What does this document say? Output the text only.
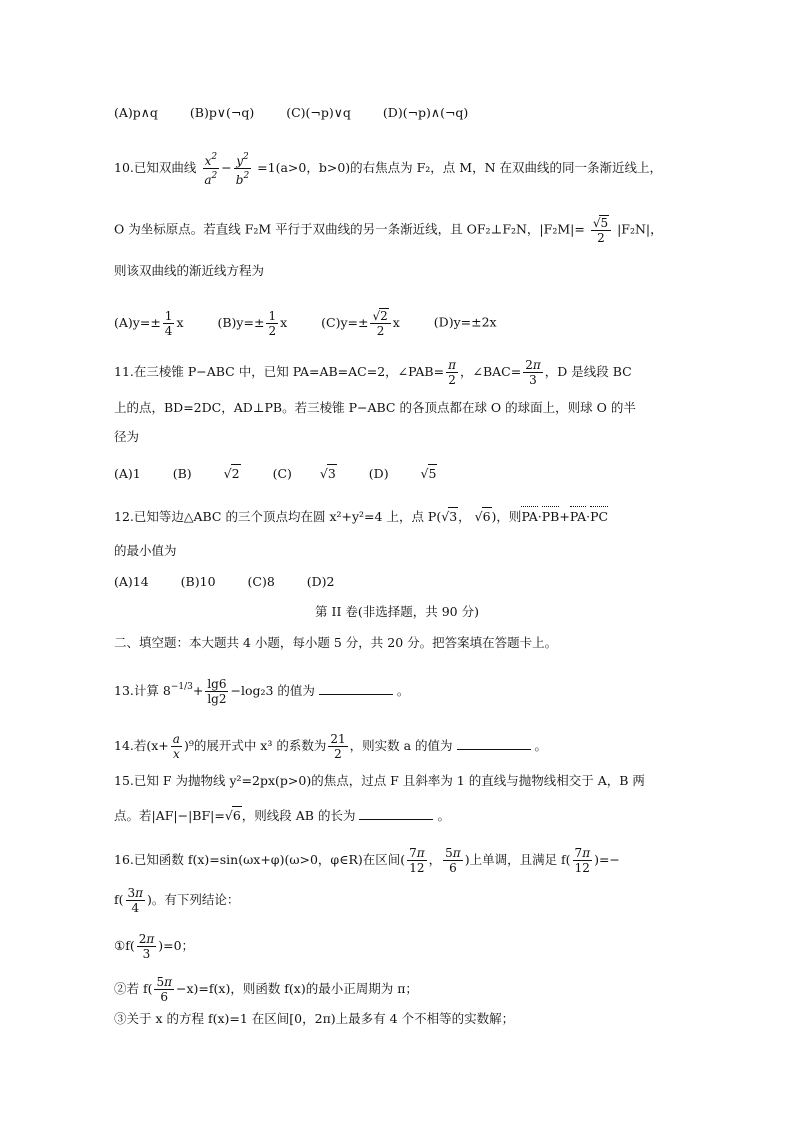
(A)p∧q	(B)p∨(¬q)	(C)(¬p)∨q	(D)(¬p)∧(¬q)
10.已知双曲线 $\frac{x^2}{a^2} - \frac{y^2}{b^2} =1(a>0$，b>0)的右焦点为 F₂，点 M，N 在双曲线的同一条渐近线上，
O 为坐标原点。若直线 F₂M 平行于双曲线的另一条渐近线，且 OF₂⊥F₂N，$|F_2M|= \frac{√5}{2} |F_2N|$，
则该双曲线的渐近线方程为
$(A)y=\pm \frac{1}{4}$ x	$(B)y=\pm \frac{1}{2}$ x	$(C)y=\pm \frac{√2}{2}$ x	(D)y=±2x
11.在三棱锥 P−ABC 中，已知 PA=AB=AC=2，∠PAB= $\frac{\pi}{2}$ ，∠BAC= $\frac{2\pi}{3}$ ，D 是线段 BC
上的点，BD=2DC，AD⊥PB。若三棱锥 P−ABC 的各顶点都在球 O 的球面上，则球 O 的半
径为
(A)1	(B) √2	(C) √3	(D) √5
12.已知等边△ABC 的三个顶点均在圆 x²+y²=4 上，点 P(√3， √6)，则PA·PB+PA·PC
的最小值为
(A)14	(B)10	(C)8	(D)2
第 II 卷(非选择题，共 90 分)
二、填空题：本大题共 4 小题，每小题 5 分，共 20 分。把答案填在答题卡上。
13.计算 $8^{-1/3}+ \frac{\lg 6}{\lg 2} -\log_23$ 的值为	。
14.若$(x+ \frac{a}{x} )^9$的展开式中 x³ 的系数为 $\frac{21}{2}$ ，则实数 a 的值为	。
15.已知 F 为抛物线 y²=2px(p>0)的焦点，过点 F 且斜率为 1 的直线与抛物线相交于 A，B 两
点。若|AF|−|BF|=√6，则线段 AB 的长为	。
16.已知函数 f(x)=sin(ωx+φ)(ω>0，φ∈R)在区间( $\frac{7\pi}{12}$ ， $\frac{5\pi}{6}$ )上单调，且满足 $f( \frac{7\pi}{12}$ )=−
$f( \frac{3\pi}{4}$ )。有下列结论：
①f( $\frac{2\pi}{3} )=0$；
②若 $f( \frac{5\pi}{6} -x)=f(x)$，则函数 f(x)的最小正周期为 π；
③关于 x 的方程 f(x)=1 在区间[0，2π)上最多有 4 个不相等的实数解；
